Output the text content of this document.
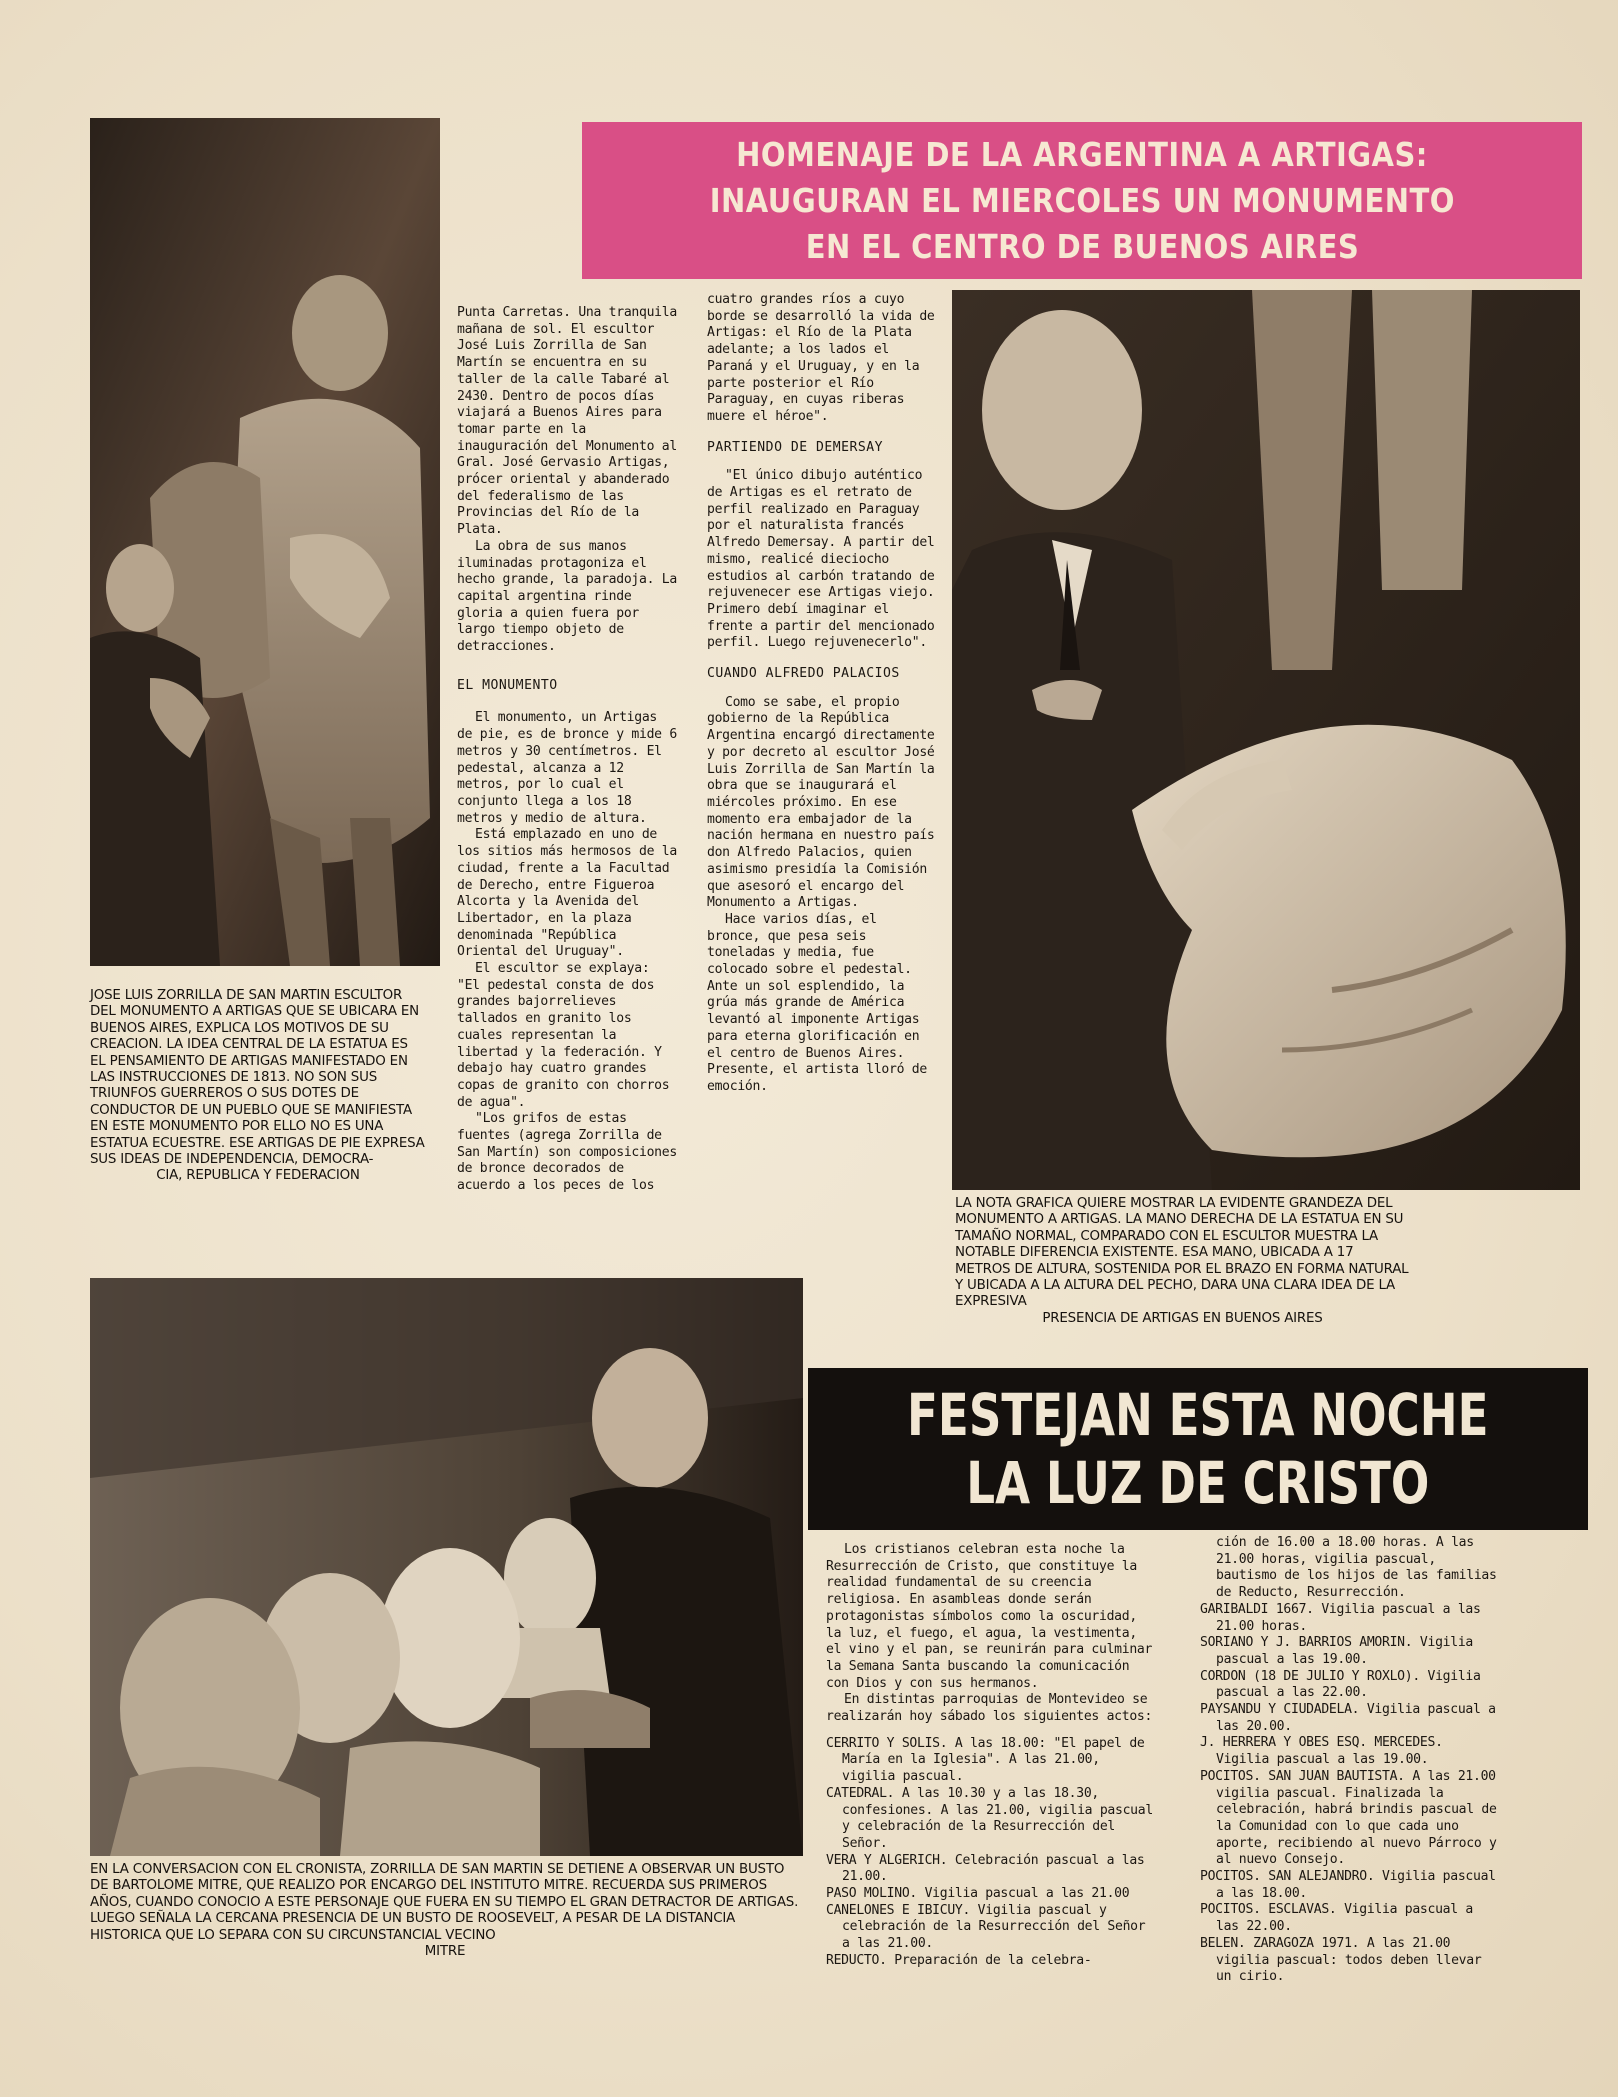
HOMENAJE DE LA ARGENTINA A ARTIGAS:
INAUGURAN EL MIERCOLES UN MONUMENTO
EN EL CENTRO DE BUENOS AIRES

Punta Carretas. Una tranquila mañana de sol. El escultor José Luis Zorrilla de San Martín se encuentra en su taller de la calle Tabaré al 2430. Dentro de pocos días viajará a Buenos Aires para tomar parte en la inauguración del Monumento al Gral. José Gervasio Artigas, prócer oriental y abanderado del federalismo de las Provincias del Río de la Plata.

La obra de sus manos iluminadas protagoniza el hecho grande, la paradoja. La capital argentina rinde gloria a quien fuera por largo tiempo objeto de detracciones.

EL MONUMENTO

El monumento, un Artigas de pie, es de bronce y mide 6 metros y 30 centímetros. El pedestal, alcanza a 12 metros, por lo cual el conjunto llega a los 18 metros y medio de altura.

Está emplazado en uno de los sitios más hermosos de la ciudad, frente a la Facultad de Derecho, entre Figueroa Alcorta y la Avenida del Libertador, en la plaza denominada "República Oriental del Uruguay".

El escultor se explaya: "El pedestal consta de dos grandes bajorrelieves tallados en granito los cuales representan la libertad y la federación. Y debajo hay cuatro grandes copas de granito con chorros de agua".

"Los grifos de estas fuentes (agrega Zorrilla de San Martín) son composiciones de bronce decorados de acuerdo a los peces de los

cuatro grandes ríos a cuyo borde se desarrolló la vida de Artigas: el Río de la Plata adelante; a los lados el Paraná y el Uruguay, y en la parte posterior el Río Paraguay, en cuyas riberas muere el héroe".

PARTIENDO DE DEMERSAY

"El único dibujo auténtico de Artigas es el retrato de perfil realizado en Paraguay por el naturalista francés Alfredo Demersay. A partir del mismo, realicé dieciocho estudios al carbón tratando de rejuvenecer ese Artigas viejo. Primero debí imaginar el frente a partir del mencionado perfil. Luego rejuvenecerlo".

CUANDO ALFREDO PALACIOS

Como se sabe, el propio gobierno de la República Argentina encargó directamente y por decreto al escultor José Luis Zorrilla de San Martín la obra que se inaugurará el miércoles próximo. En ese momento era embajador de la nación hermana en nuestro país don Alfredo Palacios, quien asimismo presidía la Comisión que asesoró el encargo del Monumento a Artigas.

Hace varios días, el bronce, que pesa seis toneladas y media, fue colocado sobre el pedestal. Ante un sol esplendido, la grúa más grande de América levantó al imponente Artigas para eterna glorificación en el centro de Buenos Aires. Presente, el artista lloró de emoción.

JOSE LUIS ZORRILLA DE SAN MARTIN ESCULTOR DEL MONUMENTO A ARTIGAS QUE SE UBICARA EN BUENOS AIRES, EXPLICA LOS MOTIVOS DE SU CREACION. LA IDEA CENTRAL DE LA ESTATUA ES EL PENSAMIENTO DE ARTIGAS MANIFESTADO EN LAS INSTRUCCIONES DE 1813. NO SON SUS TRIUNFOS GUERREROS O SUS DOTES DE CONDUCTOR DE UN PUEBLO QUE SE MANIFIESTA EN ESTE MONUMENTO POR ELLO NO ES UNA ESTATUA ECUESTRE. ESE ARTIGAS DE PIE EXPRESA SUS IDEAS DE INDEPENDENCIA, DEMOCRA-
CIA, REPUBLICA Y FEDERACION
LA NOTA GRAFICA QUIERE MOSTRAR LA EVIDENTE GRANDEZA DEL MONUMENTO A ARTIGAS. LA MANO DERECHA DE LA ESTATUA EN SU TAMAÑO NORMAL, COMPARADO CON EL ESCULTOR MUESTRA LA NOTABLE DIFERENCIA EXISTENTE. ESA MANO, UBICADA A 17 METROS DE ALTURA, SOSTENIDA POR EL BRAZO EN FORMA NATURAL Y UBICADA A LA ALTURA DEL PECHO, DARA UNA CLARA IDEA DE LA EXPRESIVA
PRESENCIA DE ARTIGAS EN BUENOS AIRES
EN LA CONVERSACION CON EL CRONISTA, ZORRILLA DE SAN MARTIN SE DETIENE A OBSERVAR UN BUSTO DE BARTOLOME MITRE, QUE REALIZO POR ENCARGO DEL INSTITUTO MITRE. RECUERDA SUS PRIMEROS AÑOS, CUANDO CONOCIO A ESTE PERSONAJE QUE FUERA EN SU TIEMPO EL GRAN DETRACTOR DE ARTIGAS. LUEGO SEÑALA LA CERCANA PRESENCIA DE UN BUSTO DE ROOSEVELT, A PESAR DE LA DISTANCIA HISTORICA QUE LO SEPARA CON SU CIRCUNSTANCIAL VECINO
MITRE
FESTEJAN ESTA NOCHE
LA LUZ DE CRISTO

Los cristianos celebran esta noche la Resurrección de Cristo, que constituye la realidad fundamental de su creencia religiosa. En asambleas donde serán protagonistas símbolos como la oscuridad, la luz, el fuego, el agua, la vestimenta, el vino y el pan, se reunirán para culminar la Semana Santa buscando la comunicación con Dios y con sus hermanos.

En distintas parroquias de Montevideo se realizarán hoy sábado los siguientes actos:

CERRITO Y SOLIS. A las 18.00: "El papel de María en la Iglesia". A las 21.00, vigilia pascual.

CATEDRAL. A las 10.30 y a las 18.30, confesiones. A las 21.00, vigilia pascual y celebración de la Resurrección del Señor.

VERA Y ALGERICH. Celebración pascual a las 21.00.

PASO MOLINO. Vigilia pascual a las 21.00

CANELONES E IBICUY. Vigilia pascual y celebración de la Resurrección del Señor a las 21.00.

REDUCTO. Preparación de la celebra-

ción de 16.00 a 18.00 horas. A las 21.00 horas, vigilia pascual, bautismo de los hijos de las familias de Reducto, Resurrección.

GARIBALDI 1667. Vigilia pascual a las 21.00 horas.

SORIANO Y J. BARRIOS AMORIN. Vigilia pascual a las 19.00.

CORDON (18 DE JULIO Y ROXLO). Vigilia pascual a las 22.00.

PAYSANDU Y CIUDADELA. Vigilia pascual a las 20.00.

J. HERRERA Y OBES ESQ. MERCEDES. Vigilia pascual a las 19.00.

POCITOS. SAN JUAN BAUTISTA. A las 21.00 vigilia pascual. Finalizada la celebración, habrá brindis pascual de la Comunidad con lo que cada uno aporte, recibiendo al nuevo Párroco y al nuevo Consejo.

POCITOS. SAN ALEJANDRO. Vigilia pascual a las 18.00.

POCITOS. ESCLAVAS. Vigilia pascual a las 22.00.

BELEN. ZARAGOZA 1971. A las 21.00 vigilia pascual: todos deben llevar un cirio.
